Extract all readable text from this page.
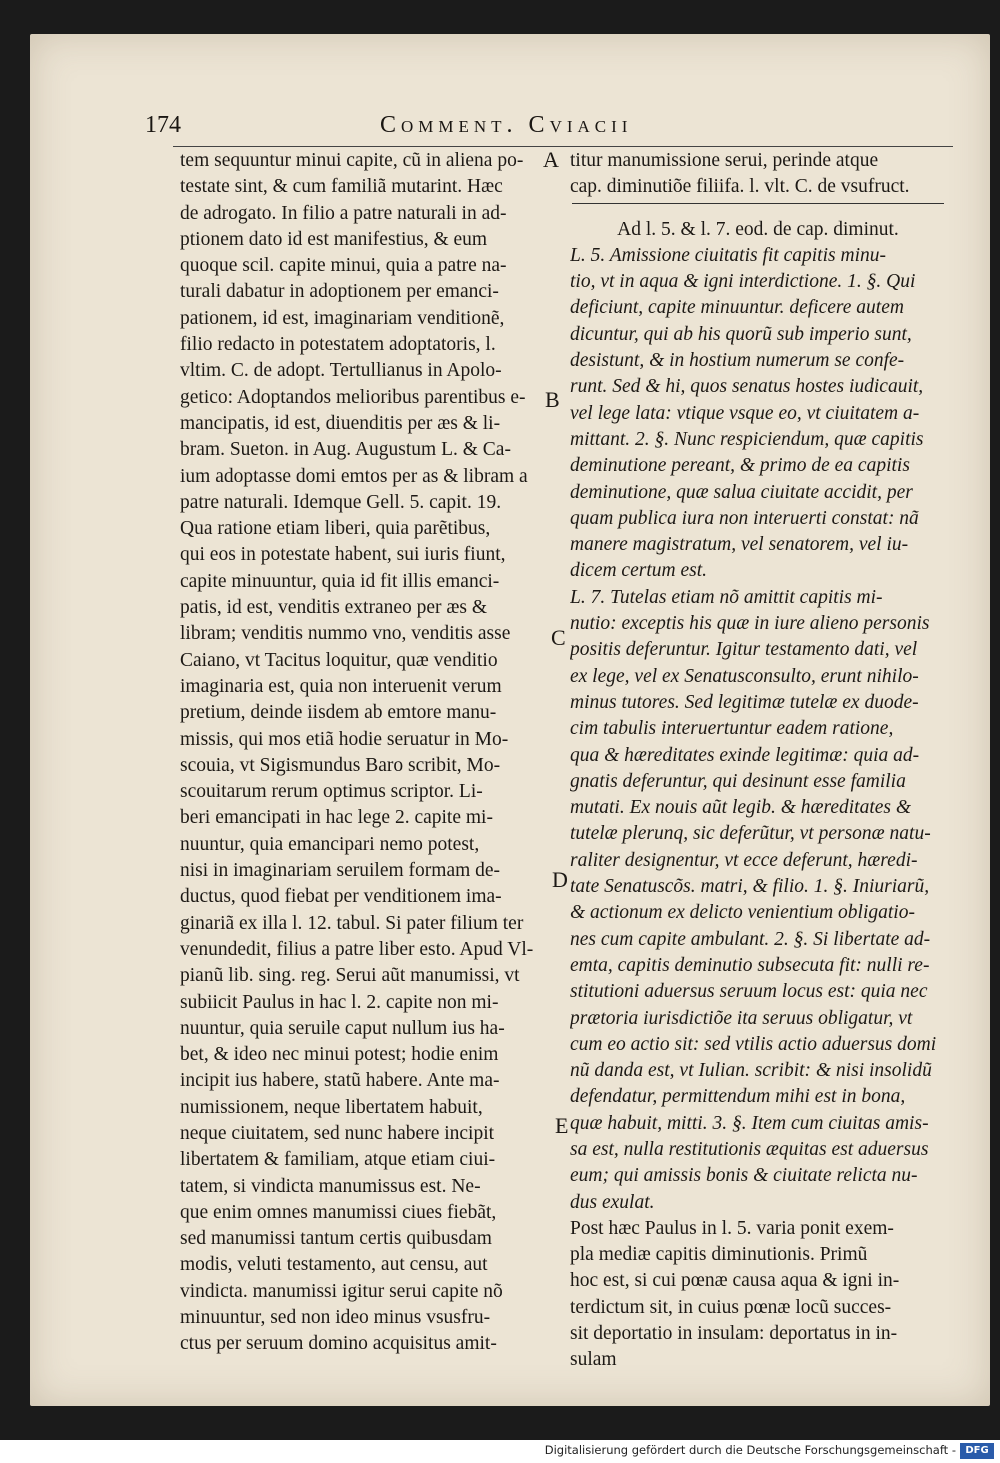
174	Comment. Cviacii
tem sequuntur minui capite, cũ in aliena po-
testate sint, & cum familiã mutarint. Hæc
de adrogato. In filio a patre naturali in ad-
ptionem dato id est manifestius, & eum
quoque scil. capite minui, quia a patre na-
turali dabatur in adoptionem per emanci-
pationem, id est, imaginariam venditionẽ,
filio redacto in potestatem adoptatoris, l.
vltim. C. de adopt. Tertullianus in Apolo-
getico: Adoptandos melioribus parentibus e-
mancipatis, id est, diuenditis per æs & li-
bram. Sueton. in Aug. Augustum L. & Ca-
ium adoptasse domi emtos per as & libram a
patre naturali. Idemque Gell. 5. capit. 19.
Qua ratione etiam liberi, quia parẽtibus,
qui eos in potestate habent, sui iuris fiunt,
capite minuuntur, quia id fit illis emanci-
patis, id est, venditis extraneo per æs &
libram; venditis nummo vno, venditis asse
Caiano, vt Tacitus loquitur, quæ venditio
imaginaria est, quia non interuenit verum
pretium, deinde iisdem ab emtore manu-
missis, qui mos etiã hodie seruatur in Mo-
scouia, vt Sigismundus Baro scribit, Mo-
scouitarum rerum optimus scriptor. Li-
beri emancipati in hac lege 2. capite mi-
nuuntur, quia emancipari nemo potest,
nisi in imaginariam seruilem formam de-
ductus, quod fiebat per venditionem ima-
ginariã ex illa l. 12. tabul. Si pater filium ter
venundedit, filius a patre liber esto. Apud Vl-
pianũ lib. sing. reg. Serui aũt manumissi, vt
subiicit Paulus in hac l. 2. capite non mi-
nuuntur, quia seruile caput nullum ius ha-
bet, & ideo nec minui potest; hodie enim
incipit ius habere, statũ habere. Ante ma-
numissionem, neque libertatem habuit,
neque ciuitatem, sed nunc habere incipit
libertatem & familiam, atque etiam ciui-
tatem, si vindicta manumissus est. Ne-
que enim omnes manumissi ciues fiebãt,
sed manumissi tantum certis quibusdam
modis, veluti testamento, aut censu, aut
vindicta. manumissi igitur serui capite nõ
minuuntur, sed non ideo minus vsusfru-
ctus per seruum domino acquisitus amit-
titur manumissione serui, perinde atque
cap. diminutiõe filiifa. l. vlt. C. de vsufruct.
Ad l. 5. & l. 7. eod. de cap. diminut.
L. 5. Amissione ciuitatis fit capitis minu-
tio, vt in aqua & igni interdictione. 1. §. Qui
deficiunt, capite minuuntur. deficere autem
dicuntur, qui ab his quorũ sub imperio sunt,
desistunt, & in hostium numerum se confe-
runt. Sed & hi, quos senatus hostes iudicauit,
vel lege lata: vtique vsque eo, vt ciuitatem a-
mittant. 2. §. Nunc respiciendum, quæ capitis
deminutione pereant, & primo de ea capitis
deminutione, quæ salua ciuitate accidit, per
quam publica iura non interuerti constat: nã
manere magistratum, vel senatorem, vel iu-
dicem certum est.
L. 7. Tutelas etiam nõ amittit capitis mi-
nutio: exceptis his quæ in iure alieno personis
positis deferuntur. Igitur testamento dati, vel
ex lege, vel ex Senatusconsulto, erunt nihilo-
minus tutores. Sed legitimæ tutelæ ex duode-
cim tabulis interuertuntur eadem ratione,
qua & hæreditates exinde legitimæ: quia ad-
gnatis deferuntur, qui desinunt esse familia
mutati. Ex nouis aũt legib. & hæreditates &
tutelæ plerunq, sic deferũtur, vt personæ natu-
raliter designentur, vt ecce deferunt, hæredi-
tate Senatuscõs. matri, & filio. 1. §. Iniuriarũ,
& actionum ex delicto venientium obligatio-
nes cum capite ambulant. 2. §. Si libertate ad-
emta, capitis deminutio subsecuta fit: nulli re-
stitutioni aduersus seruum locus est: quia nec
prætoria iurisdictiõe ita seruus obligatur, vt
cum eo actio sit: sed vtilis actio aduersus domi
nũ danda est, vt Iulian. scribit: & nisi insolidũ
defendatur, permittendum mihi est in bona,
quæ habuit, mitti. 3. §. Item cum ciuitas amis-
sa est, nulla restitutionis æquitas est aduersus
eum; qui amissis bonis & ciuitate relicta nu-
dus exulat.
Post hæc Paulus in l. 5. varia ponit exem-
pla mediæ capitis diminutionis. Primũ
hoc est, si cui pœnæ causa aqua & igni in-
terdictum sit, in cuius pœnæ locũ succes-
sit deportatio in insulam: deportatus in in-
sulam
A
B
C
D
E
Digitalisierung gefördert durch die Deutsche Forschungsgemeinschaft - DFG
